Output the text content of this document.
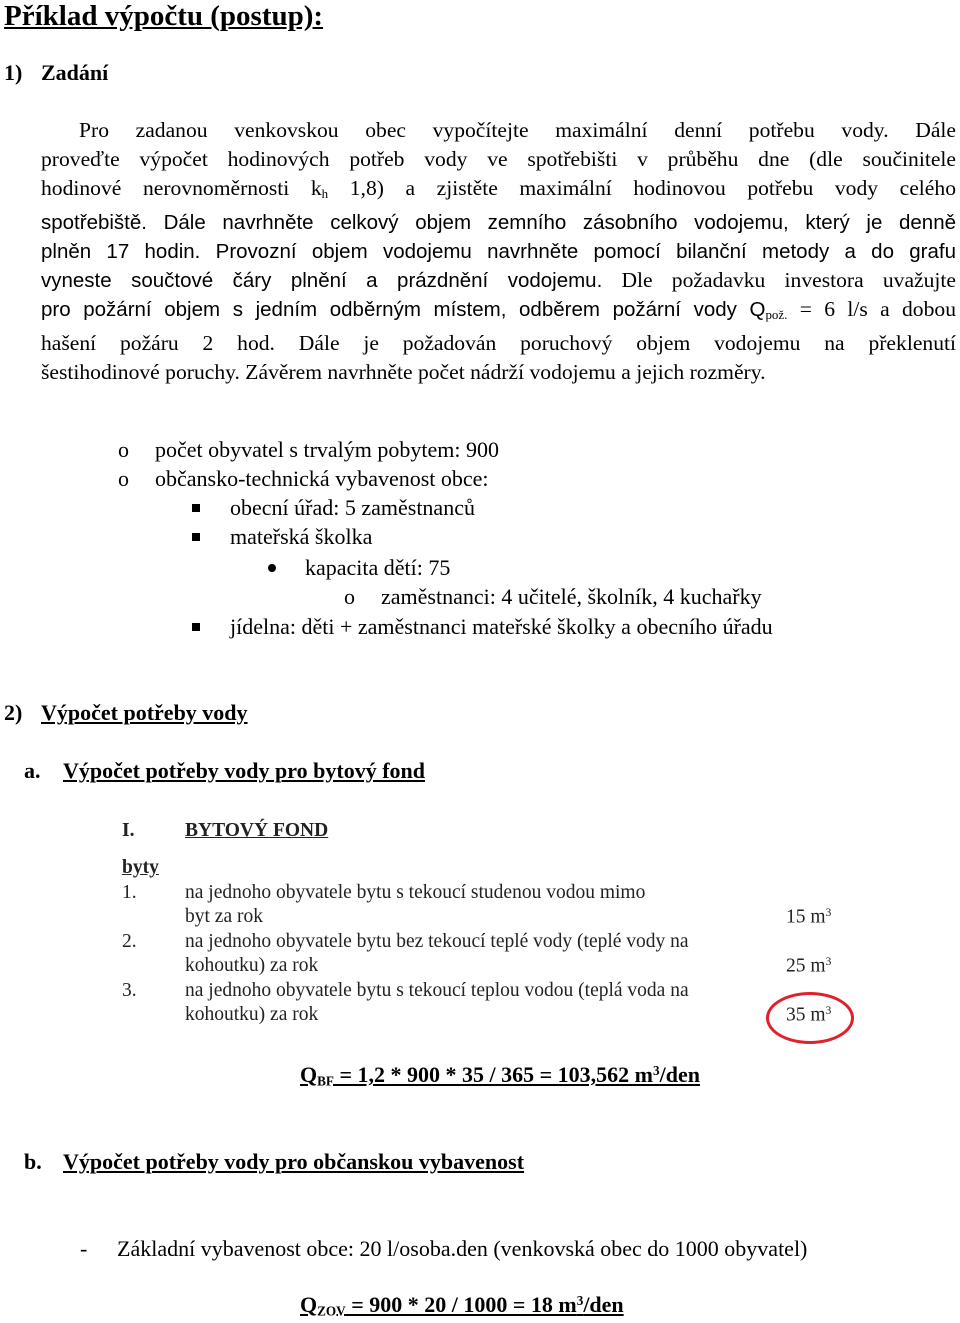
Příklad výpočtu (postup):
1) Zadání
Pro zadanou venkovskou obec vypočítejte maximální denní potřebu vody. Dále
proveďte výpočet hodinových potřeb vody ve spotřebišti v průběhu dne (dle součinitele
hodinové nerovnoměrnosti $k_h$ 1,8) a zjistěte maximální hodinovou potřebu vody celého
spotřebiště. Dále navrhněte celkový objem zemního zásobního vodojemu, který je denně
plněn 17 hodin. Provozní objem vodojemu navrhněte pomocí bilanční metody a do grafu
vyneste součtové čáry plnění a prázdnění vodojemu. Dle požadavku investora uvažujte
pro požární objem s jedním odběrným místem, odběrem požární vody $Q_{pož.} = 6$ l/s a dobou
hašení požáru 2 hod. Dále je požadován poruchový objem vodojemu na překlenutí
šestihodinové poruchy. Závěrem navrhněte počet nádrží vodojemu a jejich rozměry.
o počet obyvatel s trvalým pobytem: 900
o občansko-technická vybavenost obce:
obecní úřad: 5 zaměstnanců
mateřská školka
kapacita dětí: 75
o zaměstnanci: 4 učitelé, školník, 4 kuchařky
jídelna: děti + zaměstnanci mateřské školky a obecního úřadu
2) Výpočet potřeby vody
a. Výpočet potřeby vody pro bytový fond
I.	BYTOVÝ FOND
byty
1. na jednoho obyvatele bytu s tekoucí studenou vodou mimo
byt za rok	15 $m^3$
2. na jednoho obyvatele bytu bez tekoucí teplé vody (teplé vody na
kohoutku) za rok	25 $m^3$
3. na jednoho obyvatele bytu s tekoucí teplou vodou (teplá voda na
kohoutku) za rok	35 $m^3$
$Q_{BF} = 1,2 * 900 * 35 / 365 = 103,562$ $m^3$/den
b. Výpočet potřeby vody pro občanskou vybavenost
- Základní vybavenost obce: 20 l/osoba.den (venkovská obec do 1000 obyvatel)
$Q_{ZOV} = 900 * 20 / 1000 = 18$ $m^3$/den
